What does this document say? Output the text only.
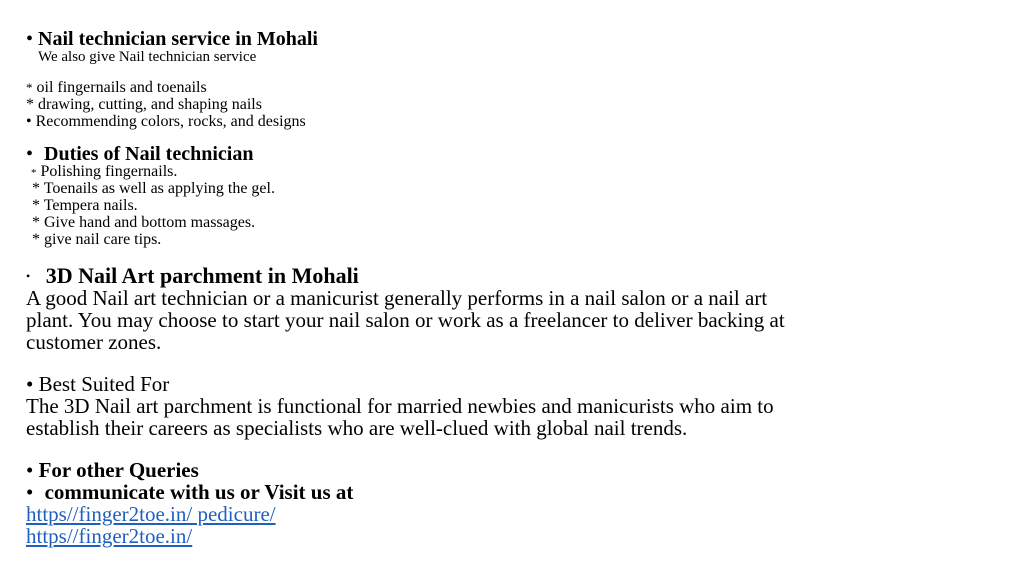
• Nail technician service in Mohali
We also give Nail technician service
* oil fingernails and toenails
* drawing, cutting, and shaping nails
• Recommending colors, rocks, and designs
• Duties of Nail technician
* Polishing fingernails.
* Toenails as well as applying the gel.
* Tempera nails.
* Give hand and bottom massages.
* give nail care tips.
• 3D Nail Art parchment in Mohali
A good Nail art technician or a manicurist generally performs in a nail salon or a nail art
plant. You may choose to start your nail salon or work as a freelancer to deliver backing at
customer zones.
• Best Suited For
The 3D Nail art parchment is functional for married newbies and manicurists who aim to
establish their careers as specialists who are well-clued with global nail trends.
• For other Queries
• communicate with us or Visit us at
https//finger2toe.in/ pedicure/
https//finger2toe.in/
